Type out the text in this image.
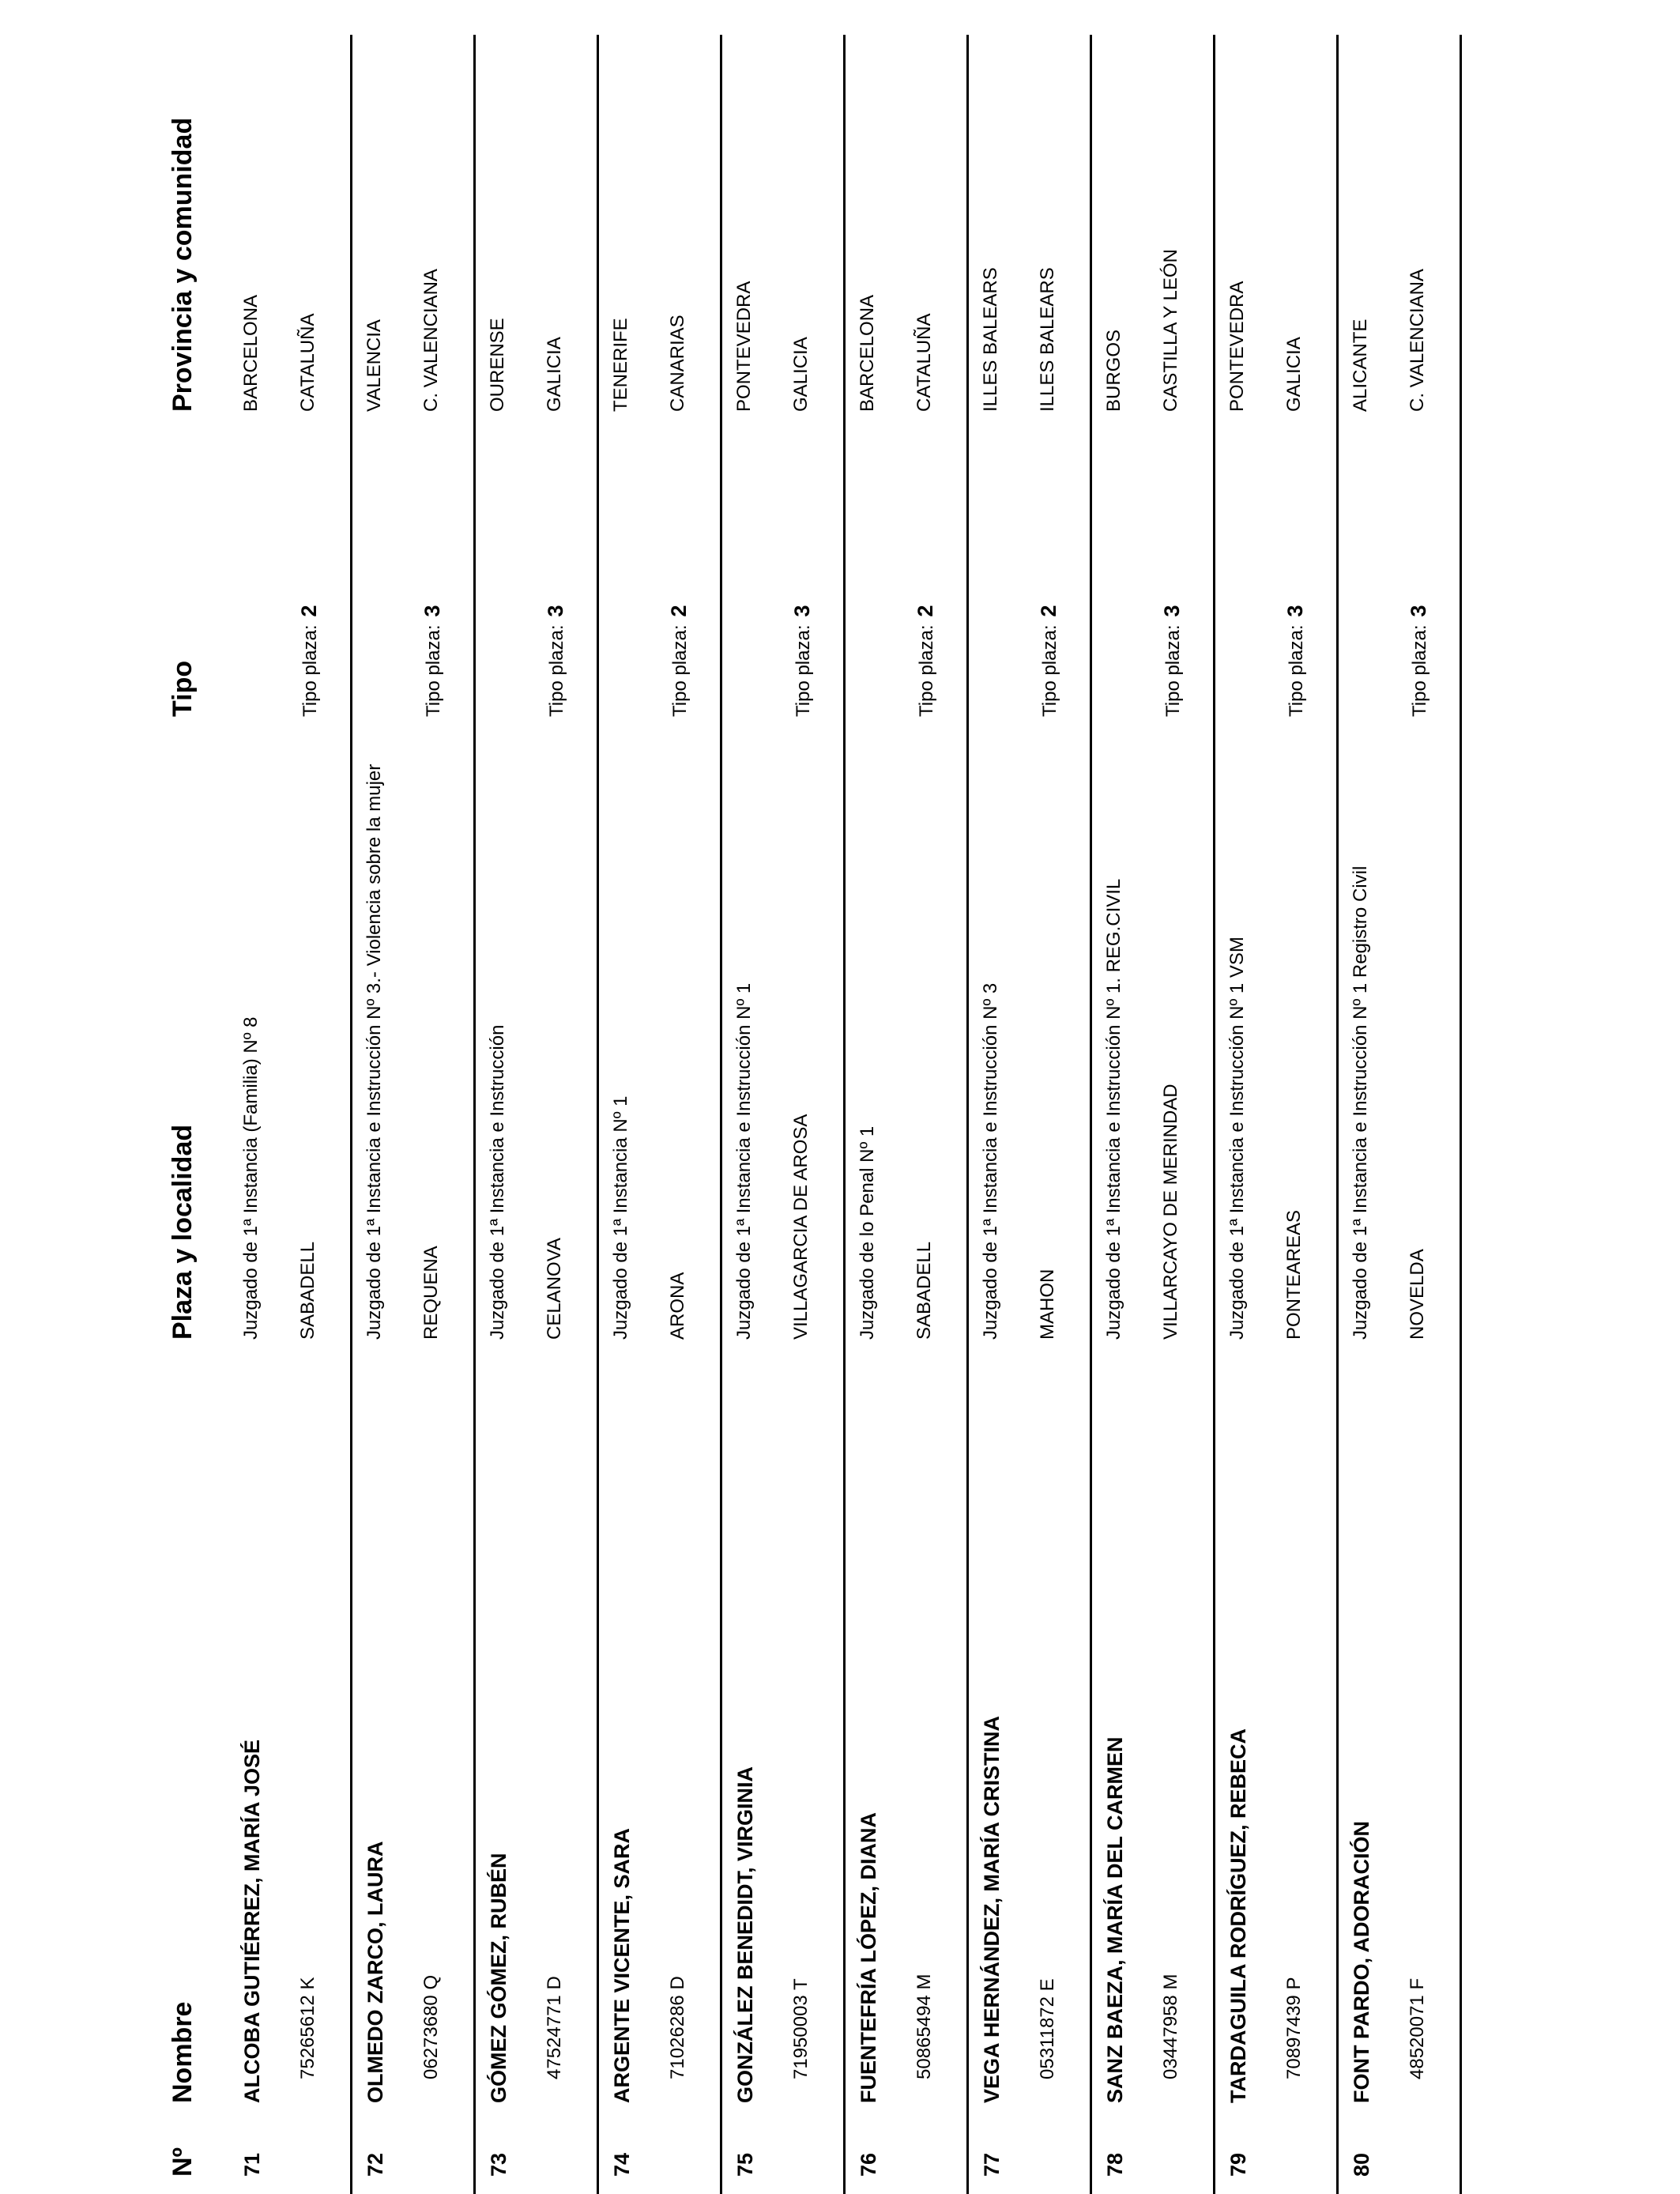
Nº
Nombre
Plaza y localidad
Tipo
Provincia y comunidad
71
ALCOBA GUTIÉRREZ, MARÍA JOSÉ
Juzgado de 1ª Instancia (Familia) Nº 8
BARCELONA
75265612 K
SABADELL
Tipo plaza:2
CATALUÑA
72
OLMEDO ZARCO, LAURA
Juzgado de 1ª Instancia e Instrucción Nº 3.- Violencia sobre la mujer
VALENCIA
06273680 Q
REQUENA
Tipo plaza:3
C. VALENCIANA
73
GÓMEZ GÓMEZ, RUBÉN
Juzgado de 1ª Instancia e Instrucción
OURENSE
47524771 D
CELANOVA
Tipo plaza:3
GALICIA
74
ARGENTE VICENTE, SARA
Juzgado de 1ª Instancia Nº 1
TENERIFE
71026286 D
ARONA
Tipo plaza:2
CANARIAS
75
GONZÁLEZ BENEDIDT, VIRGINIA
Juzgado de 1ª Instancia e Instrucción Nº 1
PONTEVEDRA
71950003 T
VILLAGARCIA DE AROSA
Tipo plaza:3
GALICIA
76
FUENTEFRÍA LÓPEZ, DIANA
Juzgado de lo Penal Nº 1
BARCELONA
50865494 M
SABADELL
Tipo plaza:2
CATALUÑA
77
VEGA HERNÁNDEZ, MARÍA CRISTINA
Juzgado de 1ª Instancia e Instrucción Nº 3
ILLES BALEARS
05311872 E
MAHON
Tipo plaza:2
ILLES BALEARS
78
SANZ BAEZA, MARÍA DEL CARMEN
Juzgado de 1ª Instancia e Instrucción Nº 1. REG.CIVIL
BURGOS
03447958 M
VILLARCAYO DE MERINDAD
Tipo plaza:3
CASTILLA Y LEÓN
79
TARDAGUILA RODRÍGUEZ, REBECA
Juzgado de 1ª Instancia e Instrucción Nº 1 VSM
PONTEVEDRA
70897439 P
PONTEAREAS
Tipo plaza:3
GALICIA
80
FONT PARDO, ADORACIÓN
Juzgado de 1ª Instancia e Instrucción Nº 1 Registro Civil
ALICANTE
48520071 F
NOVELDA
Tipo plaza:3
C. VALENCIANA
